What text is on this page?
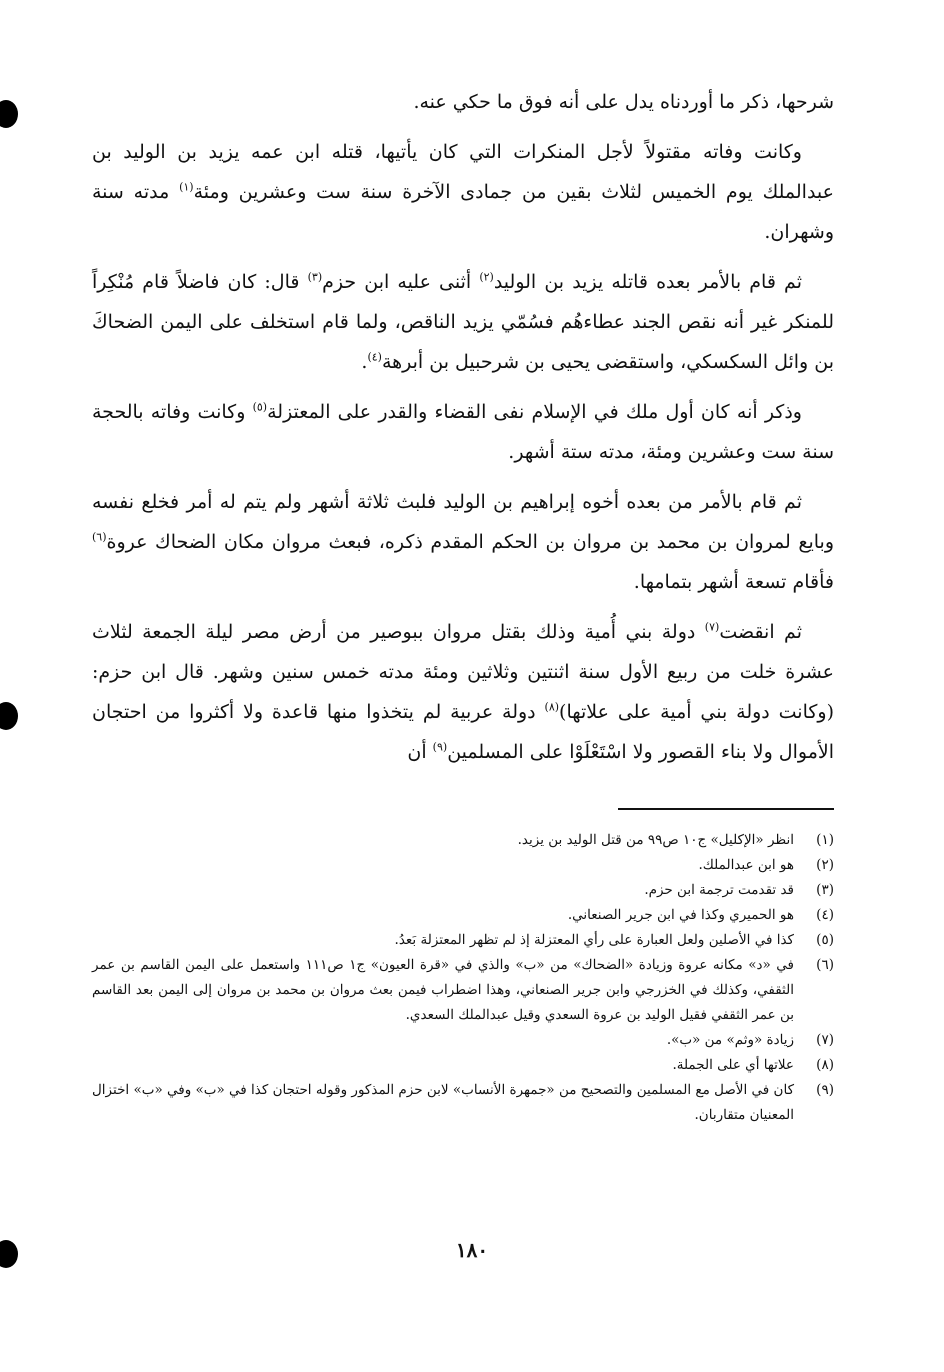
شرحها، ذكر ما أوردناه يدل على أنه فوق ما حكي عنه.

وكانت وفاته مقتولاً لأجل المنكرات التي كان يأتيها، قتله ابن عمه يزيد بن الوليد بن عبدالملك يوم الخميس لثلاث بقين من جمادى الآخرة سنة ست وعشرين ومئة$^{(١)}$ مدته سنة وشهران.

ثم قام بالأمر بعده قاتله يزيد بن الوليد$^{(٢)}$ أثنى عليه ابن حزم$^{(٣)}$ قال: كان فاضلاً قام مُنْكِراً للمنكر غير أنه نقص الجند عطاءهُم فسُمّي يزيد الناقص، ولما قام استخلف على اليمن الضحاكَ بن وائل السكسكي، واستقضى يحيى بن شرحبيل بن أبرهة$^{(٤)}$.

وذكر أنه كان أول ملك في الإسلام نفى القضاء والقدر على المعتزلة$^{(٥)}$ وكانت وفاته بالحجة سنة ست وعشرين ومئة، مدته ستة أشهر.

ثم قام بالأمر من بعده أخوه إبراهيم بن الوليد فلبث ثلاثة أشهر ولم يتم له أمر فخلع نفسه وبايع لمروان بن محمد بن مروان بن الحكم المقدم ذكره، فبعث مروان مكان الضحاك عروة$^{(٦)}$ فأقام تسعة أشهر بتمامها.

ثم انقضت$^{(٧)}$ دولة بني أُمية وذلك بقتل مروان ببوصير من أرض مصر ليلة الجمعة لثلاث عشرة خلت من ربيع الأول سنة اثنتين وثلاثين ومئة مدته خمس سنين وشهر. قال ابن حزم: (وكانت دولة بني أمية على علاتها)$^{(٨)}$ دولة عربية لم يتخذوا منها قاعدة ولا أكثروا من احتجان الأموال ولا بناء القصور ولا اسْتَعْلَوْا على المسلمين$^{(٩)}$ أن

(١)
انظر «الإكليل» ج١٠ ص٩٩ من قتل الوليد بن يزيد.
(٢)
هو ابن عبدالملك.
(٣)
قد تقدمت ترجمة ابن حزم.
(٤)
هو الحميري وكذا في ابن جرير الصنعاني.
(٥)
كذا في الأصلين ولعل العبارة على رأي المعتزلة إذ لم تظهر المعتزلة بَعدُ.
(٦)
في «د» مكانه عروة وزيادة «الضحاك» من «ب» والذي في «قرة العيون» ج١ ص١١١ واستعمل على اليمن القاسم بن عمر الثقفي، وكذلك في الخزرجي وابن جرير الصنعاني، وهذا اضطراب فيمن بعث مروان بن محمد بن مروان إلى اليمن بعد القاسم بن عمر الثقفي فقيل الوليد بن عروة السعدي وقيل عبدالملك السعدي.
(٧)
زيادة «وثم» من «ب».
(٨)
علاتها أي على الجملة.
(٩)
كان في الأصل مع المسلمين والتصحيح من «جمهرة الأنساب» لابن حزم المذكور وقوله احتجان كذا في «ب» وفي «ب» اختزال المعنيان متقاربان.
١٨٠
